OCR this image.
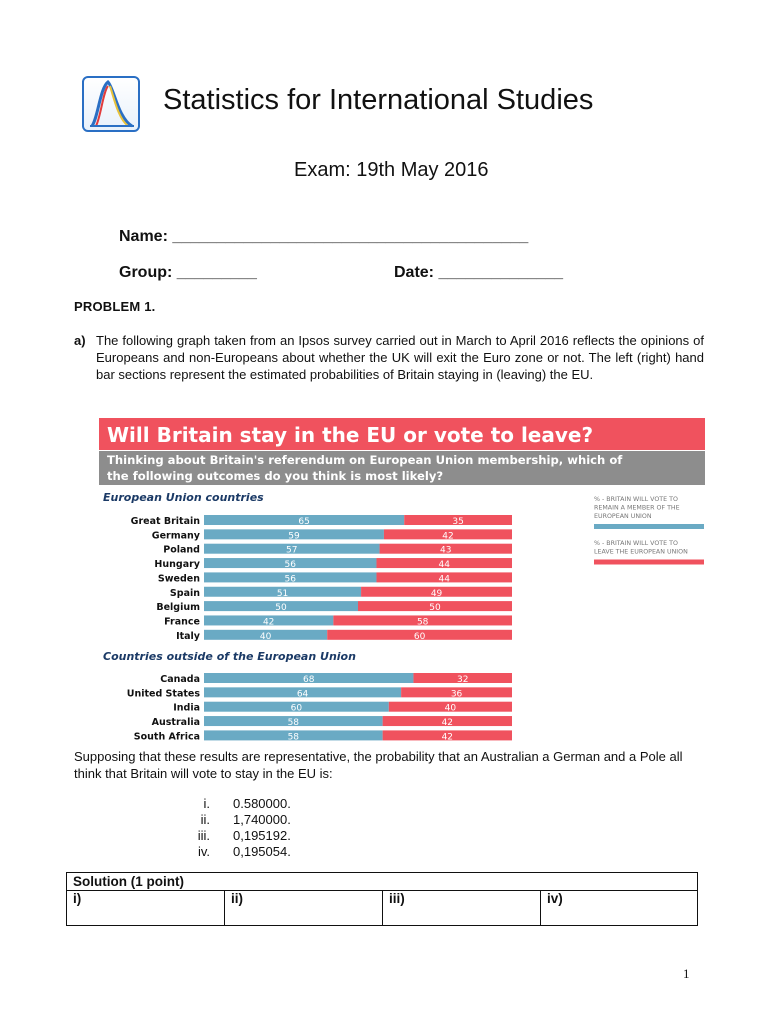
Statistics for International Studies
Exam: 19th May 2016
Name: ________________________________________
Group: _________	Date: ______________
PROBLEM 1.
a) The following graph taken from an Ipsos survey carried out in March to April 2016 reflects the opinions of Europeans and non-Europeans about whether the UK will exit the Euro zone or not. The left (right) hand bar sections represent the estimated probabilities of Britain staying in (leaving) the EU.
Will Britain stay in the EU or vote to leave?
Thinking about Britain's referendum on European Union membership, which of
the following outcomes do you think is most likely?
European Union countries
Great Britain	65	35
Germany	59	42
Poland	57	43
Hungary	56	44
Sweden	56	44
Spain	51	49
Belgium	50	50
France	42	58
Italy	40	60
Countries outside of the European Union
Canada	68	32
United States	64	36
India	60	40
Australia	58	42
South Africa	58	42
% - BRITAIN WILL VOTE TO REMAIN A MEMBER OF THE EUROPEAN UNION
% - BRITAIN WILL VOTE TO LEAVE THE EUROPEAN UNION
Supposing that these results are representative, the probability that an Australian a German and a Pole all think that Britain will vote to stay in the EU is:
i. 0.580000.
ii. 1,740000.
iii. 0,195192.
iv. 0,195054.
Solution (1 point)
i)	ii)	iii)	iv)
1
